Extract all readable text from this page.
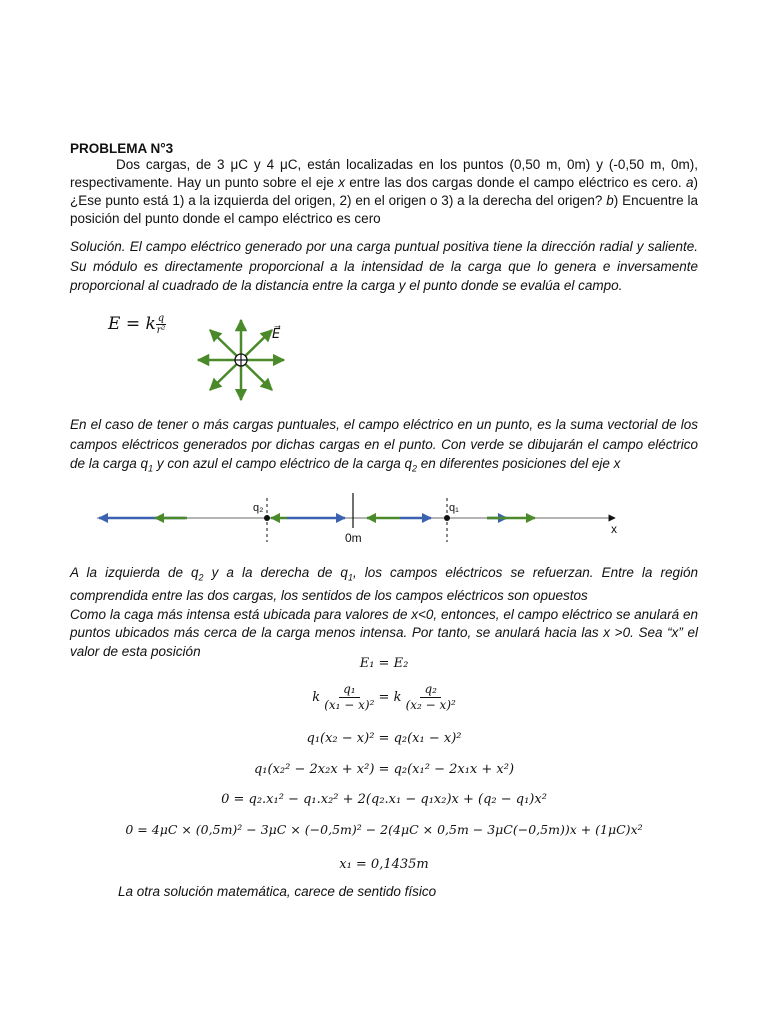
PROBLEMA N°3
Dos cargas, de 3 μC y 4 μC, están localizadas en los puntos (0,50 m, 0m) y (-0,50 m, 0m), respectivamente. Hay un punto sobre el eje x entre las dos cargas donde el campo eléctrico es cero. a) ¿Ese punto está 1) a la izquierda del origen, 2) en el origen o 3) a la derecha del origen? b) Encuentre la posición del punto donde el campo eléctrico es cero
Solución. El campo eléctrico generado por una carga puntual positiva tiene la dirección radial y saliente. Su módulo es directamente proporcional a la intensidad de la carga que lo genera e inversamente proporcional al cuadrado de la distancia entre la carga y el punto donde se evalúa el campo.
E = k $\frac{q}{\text{r²}}$	E⃗
En el caso de tener o más cargas puntuales, el campo eléctrico en un punto, es la suma vectorial de los campos eléctricos generados por dichas cargas en el punto. Con verde se dibujarán el campo eléctrico de la carga $q_1$ y con azul el campo eléctrico de la carga $q_2$ en diferentes posiciones del eje x
q₂	q₁
0m
x
A la izquierda de $q_2$ y a la derecha de $q_1$, los campos eléctricos se refuerzan. Entre la región comprendida entre las dos cargas, los sentidos de los campos eléctricos son opuestos
Como la caga más intensa está ubicada para valores de x<0, entonces, el campo eléctrico se anulará en puntos ubicados más cerca de la carga menos intensa. Por tanto, se anulará hacia las x >0. Sea “x” el valor de esta posición
E₁ = E₂
k $\frac{\text{q₁}}{\text{(x₁ − x)²}} = k \frac{\text{q₂}}{\text{(x₂ − x)²}}$
q₁(x₂ − x)² = q₂(x₁ − x)²
q₁(x₂² − 2x₂x + x²) = q₂(x₁² − 2x₁x + x²)
0 = q₂.x₁² − q₁.x₂² + 2(q₂.x₁ − q₁x₂)x + (q₂ − q₁)x²
0 = 4μC × (0,5m)² − 3μC × (−0,5m)² − 2(4μC × 0,5m − 3μC(−0,5m))x + (1μC)x²
x₁ = 0,1435m
La otra solución matemática, carece de sentido físico
